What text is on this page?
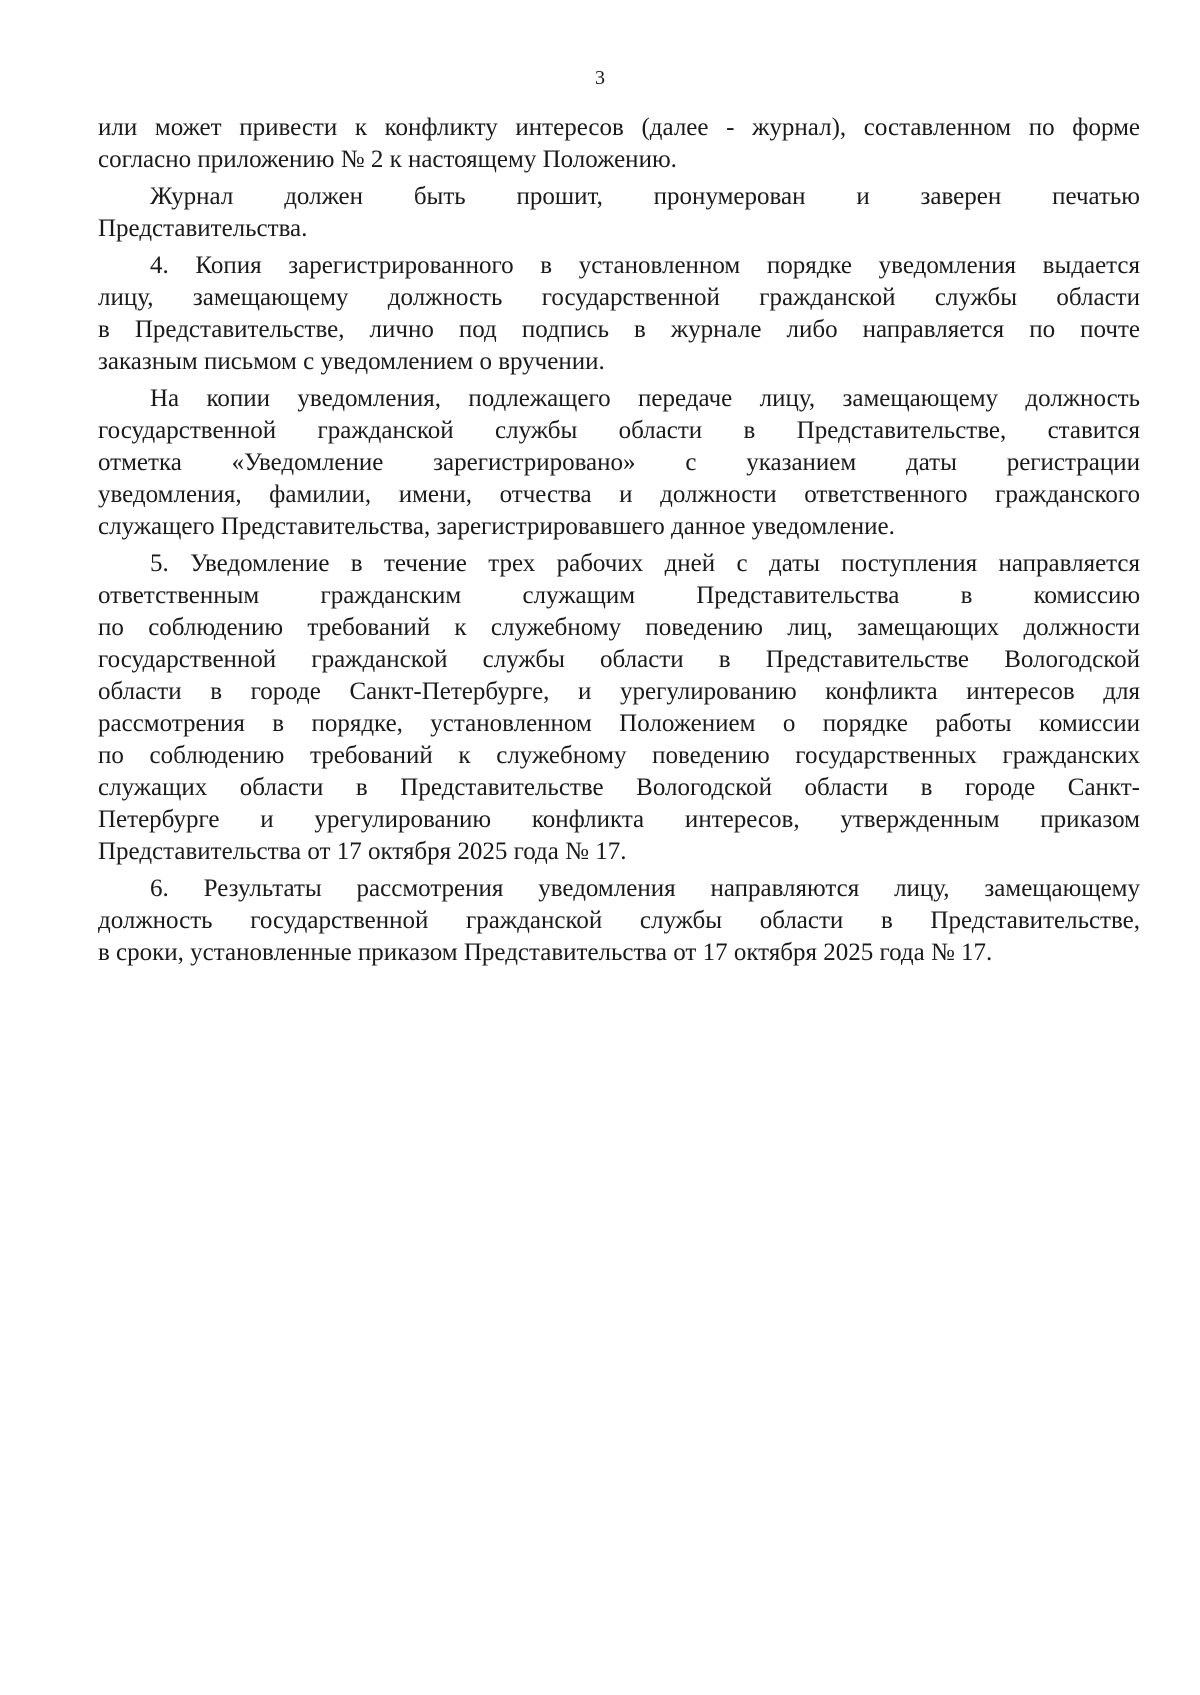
3
или может привести к конфликту интересов (далее - журнал), составленном по форме
согласно приложению № 2 к настоящему Положению.
Журнал должен быть прошит, пронумерован и заверен печатью
Представительства.
4. Копия зарегистрированного в установленном порядке уведомления выдается
лицу, замещающему должность государственной гражданской службы области
в Представительстве, лично под подпись в журнале либо направляется по почте
заказным письмом с уведомлением о вручении.
На копии уведомления, подлежащего передаче лицу, замещающему должность
государственной гражданской службы области в Представительстве, ставится
отметка «Уведомление зарегистрировано» с указанием даты регистрации
уведомления, фамилии, имени, отчества и должности ответственного гражданского
служащего Представительства, зарегистрировавшего данное уведомление.
5. Уведомление в течение трех рабочих дней с даты поступления направляется
ответственным гражданским служащим Представительства в комиссию
по соблюдению требований к служебному поведению лиц, замещающих должности
государственной гражданской службы области в Представительстве Вологодской
области в городе Санкт-Петербурге, и урегулированию конфликта интересов для
рассмотрения в порядке, установленном Положением о порядке работы комиссии
по соблюдению требований к служебному поведению государственных гражданских
служащих области в Представительстве Вологодской области в городе Санкт-
Петербурге и урегулированию конфликта интересов, утвержденным приказом
Представительства от 17 октября 2025 года № 17.
6. Результаты рассмотрения уведомления направляются лицу, замещающему
должность государственной гражданской службы области в Представительстве,
в сроки, установленные приказом Представительства от 17 октября 2025 года № 17.
